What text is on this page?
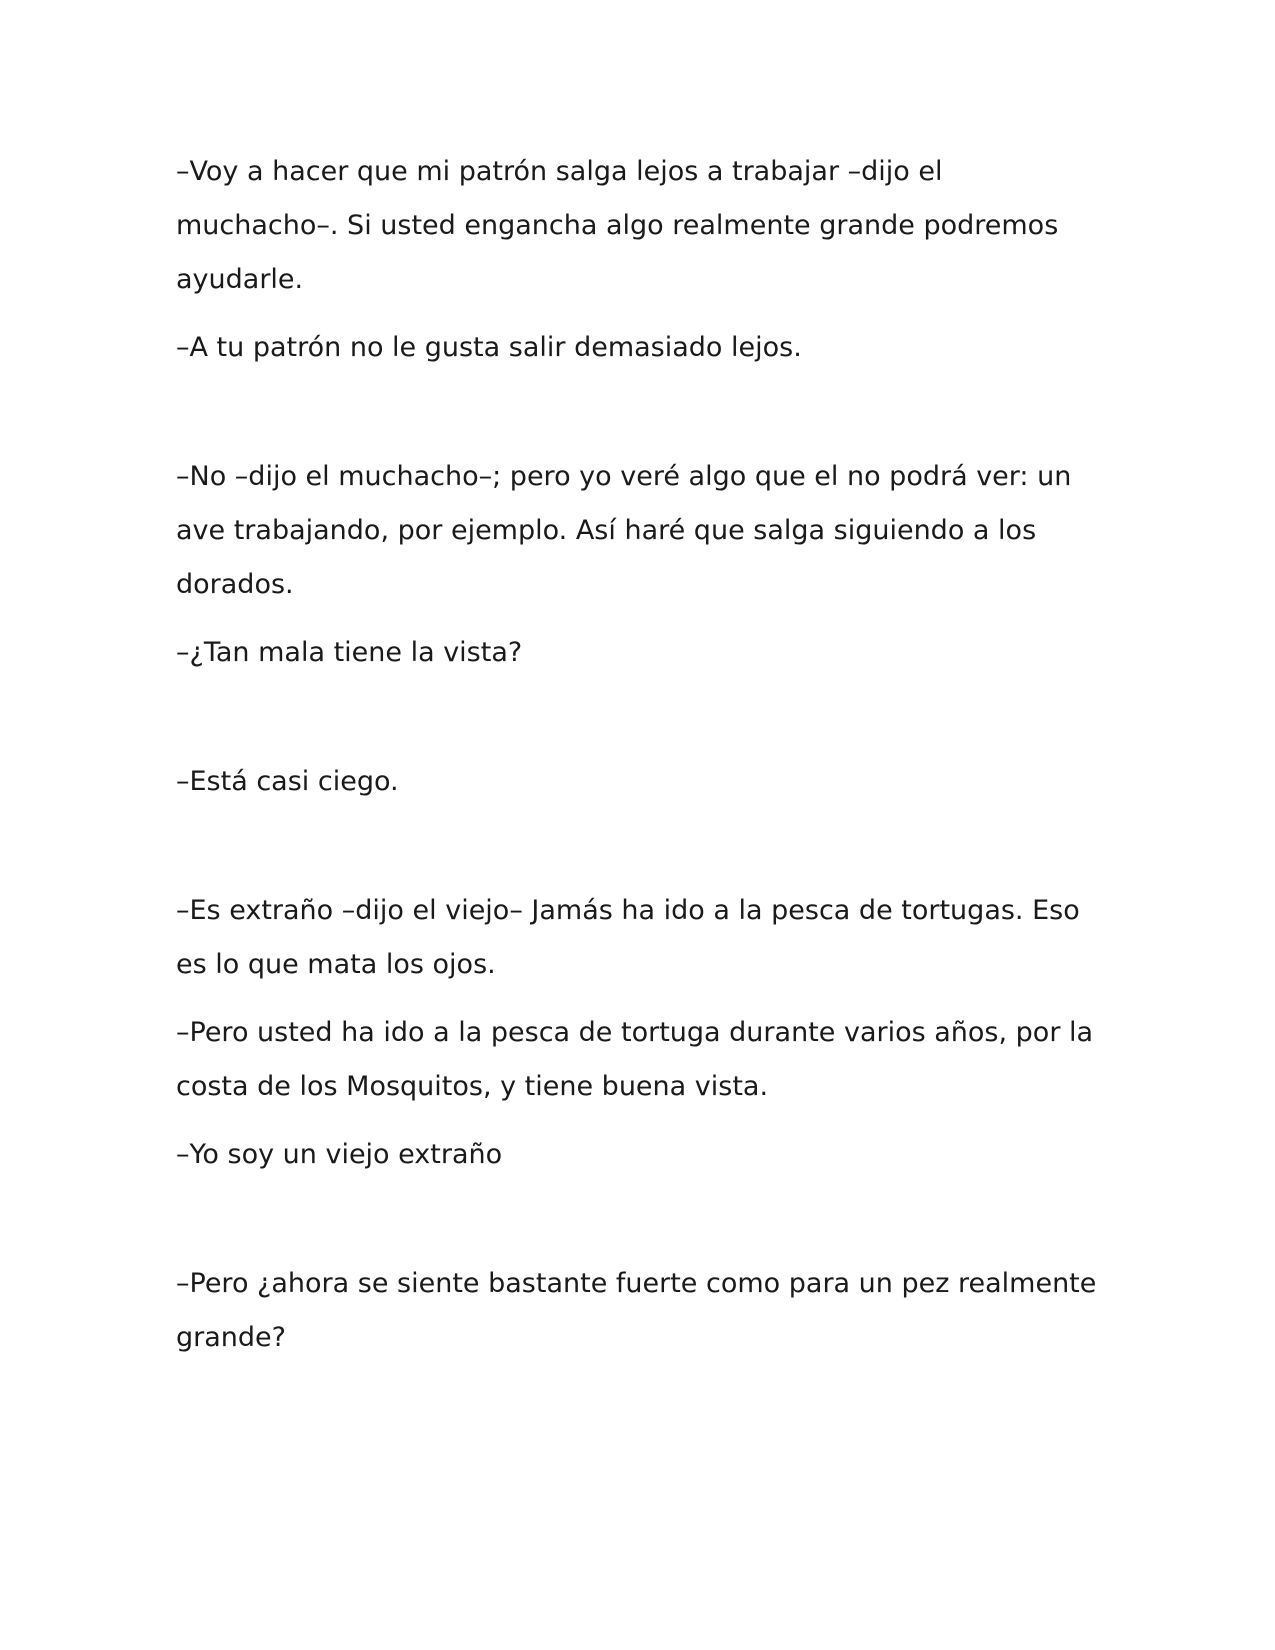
–Voy a hacer que mi patrón salga lejos a trabajar –dijo el muchacho–. Si usted engancha algo realmente grande podremos ayudarle.

–A tu patrón no le gusta salir demasiado lejos.

–No –dijo el muchacho–; pero yo veré algo que el no podrá ver: un ave trabajando, por ejemplo. Así haré que salga siguiendo a los dorados.

–¿Tan mala tiene la vista?

–Está casi ciego.

–Es extraño –dijo el viejo– Jamás ha ido a la pesca de tortugas. Eso es lo que mata los ojos.

–Pero usted ha ido a la pesca de tortuga durante varios años, por la costa de los Mosquitos, y tiene buena vista.

–Yo soy un viejo extraño

–Pero ¿ahora se siente bastante fuerte como para un pez realmente grande?
